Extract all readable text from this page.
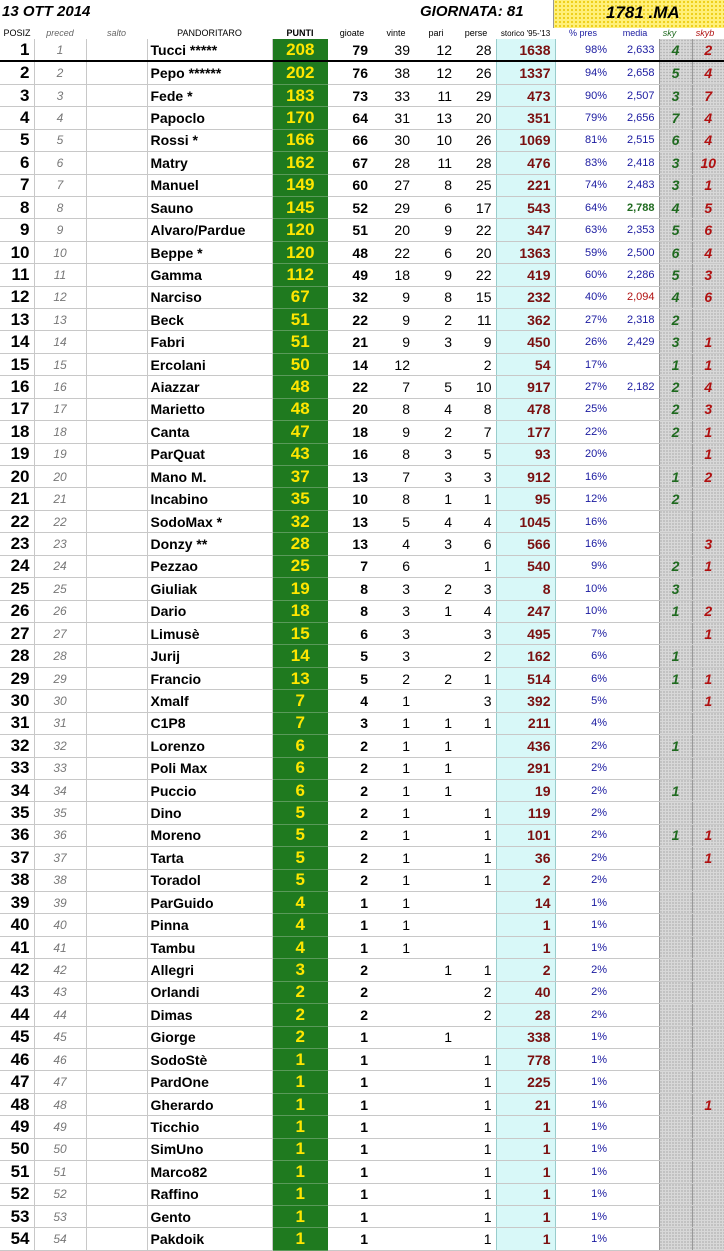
13 OTT 2014	GIORNATA: 81	1781 .MA
POSIZ	preced	salto	PANDORITARO	PUNTI	gioate	vinte	pari	perse	storico '95-'13	% pres	media	sky	skyb
1	1		Tucci *****	208	79	39	12	28	1638	98%	2,633	4	2
2	2		Pepo ******	202	76	38	12	26	1337	94%	2,658	5	4
3	3		Fede *	183	73	33	11	29	473	90%	2,507	3	7
4	4		Papoclo	170	64	31	13	20	351	79%	2,656	7	4
5	5		Rossi *	166	66	30	10	26	1069	81%	2,515	6	4
6	6		Matry	162	67	28	11	28	476	83%	2,418	3	10
7	7		Manuel	149	60	27	8	25	221	74%	2,483	3	1
8	8		Sauno	145	52	29	6	17	543	64%	2,788	4	5
9	9		Alvaro/Pardue	120	51	20	9	22	347	63%	2,353	5	6
10	10		Beppe *	120	48	22	6	20	1363	59%	2,500	6	4
11	11		Gamma	112	49	18	9	22	419	60%	2,286	5	3
12	12		Narciso	67	32	9	8	15	232	40%	2,094	4	6
13	13		Beck	51	22	9	2	11	362	27%	2,318	2	
14	14		Fabri	51	21	9	3	9	450	26%	2,429	3	1
15	15		Ercolani	50	14	12		2	54	17%		1	1
16	16		Aiazzar	48	22	7	5	10	917	27%	2,182	2	4
17	17		Marietto	48	20	8	4	8	478	25%		2	3
18	18		Canta	47	18	9	2	7	177	22%		2	1
19	19		ParQuat	43	16	8	3	5	93	20%			1
20	20		Mano M.	37	13	7	3	3	912	16%		1	2
21	21		Incabino	35	10	8	1	1	95	12%		2	
22	22		SodoMax *	32	13	5	4	4	1045	16%			
23	23		Donzy **	28	13	4	3	6	566	16%			3
24	24		Pezzao	25	7	6		1	540	9%		2	1
25	25		Giuliak	19	8	3	2	3	8	10%		3	
26	26		Dario	18	8	3	1	4	247	10%		1	2
27	27		Limusè	15	6	3		3	495	7%			1
28	28		Jurij	14	5	3		2	162	6%		1	
29	29		Francio	13	5	2	2	1	514	6%		1	1
30	30		Xmalf	7	4	1		3	392	5%			1
31	31		C1P8	7	3	1	1	1	211	4%			
32	32		Lorenzo	6	2	1	1		436	2%		1	
33	33		Poli Max	6	2	1	1		291	2%			
34	34		Puccio	6	2	1	1		19	2%		1	
35	35		Dino	5	2	1		1	119	2%			
36	36		Moreno	5	2	1		1	101	2%		1	1
37	37		Tarta	5	2	1		1	36	2%			1
38	38		Toradol	5	2	1		1	2	2%			
39	39		ParGuido	4	1	1			14	1%			
40	40		Pinna	4	1	1			1	1%			
41	41		Tambu	4	1	1			1	1%			
42	42		Allegri	3	2		1	1	2	2%			
43	43		Orlandi	2	2			2	40	2%			
44	44		Dimas	2	2			2	28	2%			
45	45		Giorge	2	1		1		338	1%			
46	46		SodoStè	1	1			1	778	1%			
47	47		PardOne	1	1			1	225	1%			
48	48		Gherardo	1	1			1	21	1%			1
49	49		Ticchio	1	1			1	1	1%			
50	50		SimUno	1	1			1	1	1%			
51	51		Marco82	1	1			1	1	1%			
52	52		Raffino	1	1			1	1	1%			
53	53		Gento	1	1			1	1	1%			
54	54		Pakdoik	1	1			1	1	1%			
